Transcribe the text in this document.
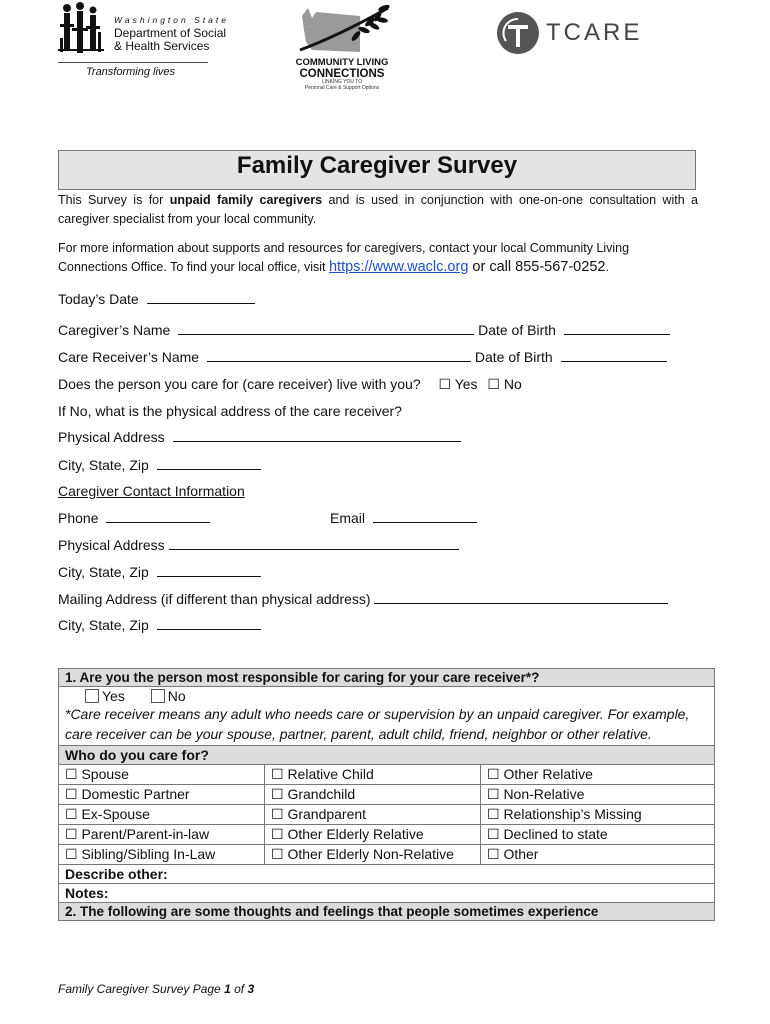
Washington State
Department of Social
& Health Services
Transforming lives
COMMUNITY LIVING
CONNECTIONS
LINKING YOU TO
Personal Care & Support Options
TCARE
Family Caregiver Survey
This Survey is for unpaid family caregivers and is used in conjunction with one-on-one consultation with a caregiver specialist from your local community.
For more information about supports and resources for caregivers, contact your local Community Living Connections Office. To find your local office, visit https://www.waclc.org or call 855-567-0252.
Today’s Date
Caregiver’s Name	Date of Birth
Care Receiver’s Name	Date of Birth
Does the person you care for (care receiver) live with you? ☐ Yes ☐ No
If No, what is the physical address of the care receiver?
Physical Address
City, State, Zip
Caregiver Contact Information
Phone	Email
Physical Address
City, State, Zip
Mailing Address (if different than physical address)
City, State, Zip
1. Are you the person most responsible for caring for your care receiver*?		

Yes No
*Care receiver means any adult who needs care or supervision by an unpaid caregiver. For example, care receiver can be your spouse, partner, parent, adult child, friend, neighbor or other relative.		

Who do you care for?		
☐ Spouse	☐ Relative Child	☐ Other Relative
☐ Domestic Partner	☐ Grandchild	☐ Non-Relative
☐ Ex-Spouse	☐ Grandparent	☐ Relationship’s Missing
☐ Parent/Parent-in-law	☐ Other Elderly Relative	☐ Declined to state
☐ Sibling/Sibling In-Law	☐ Other Elderly Non-Relative	☐ Other
Describe other:		
Notes:		
2. The following are some thoughts and feelings that people sometimes experience		
Family Caregiver Survey Page 1 of 3
